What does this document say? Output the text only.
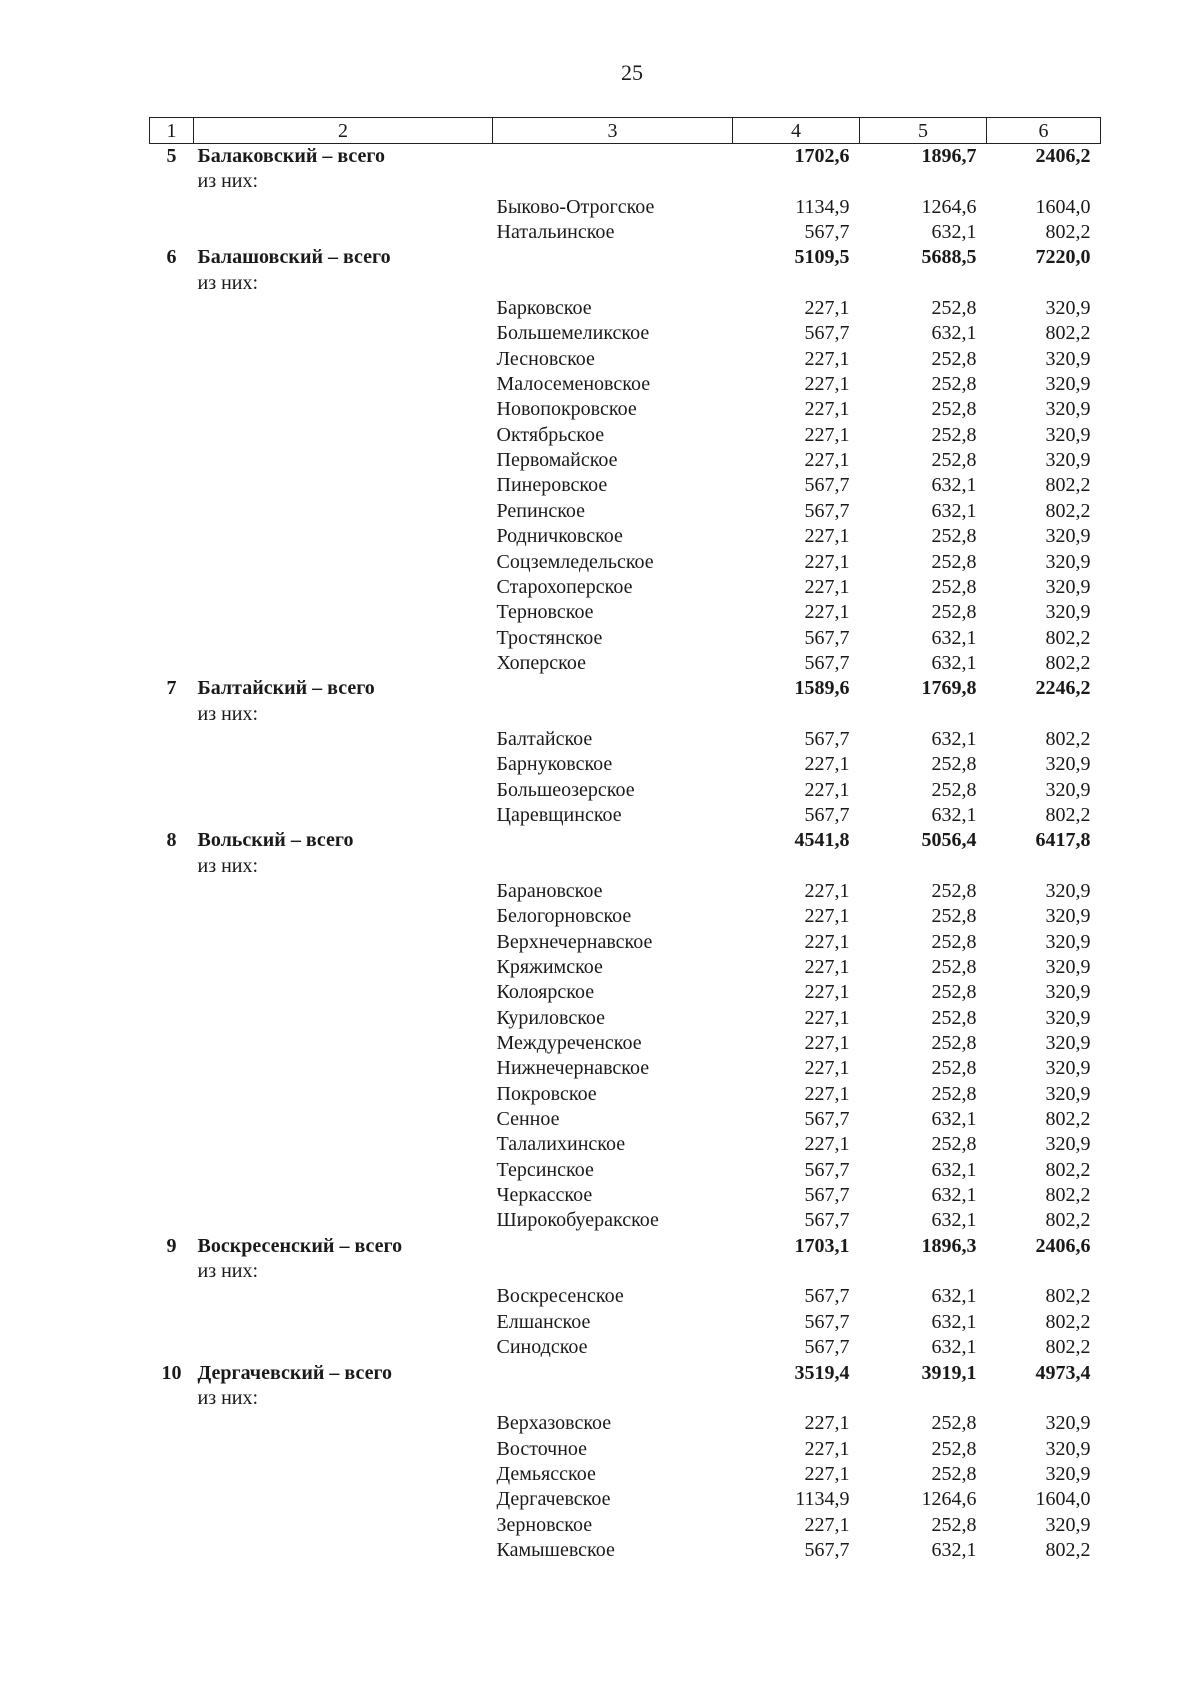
25
1	2	3	4	5	6
5	Балаковский – всего		1702,6	1896,7	2406,2
	из них:				
		Быково-Отрогское	1134,9	1264,6	1604,0
		Натальинское	567,7	632,1	802,2
6	Балашовский – всего		5109,5	5688,5	7220,0
	из них:				
		Барковское	227,1	252,8	320,9
		Большемеликское	567,7	632,1	802,2
		Лесновское	227,1	252,8	320,9
		Малосеменовское	227,1	252,8	320,9
		Новопокровское	227,1	252,8	320,9
		Октябрьское	227,1	252,8	320,9
		Первомайское	227,1	252,8	320,9
		Пинеровское	567,7	632,1	802,2
		Репинское	567,7	632,1	802,2
		Родничковское	227,1	252,8	320,9
		Соцземледельское	227,1	252,8	320,9
		Старохоперское	227,1	252,8	320,9
		Терновское	227,1	252,8	320,9
		Тростянское	567,7	632,1	802,2
		Хоперское	567,7	632,1	802,2
7	Балтайский – всего		1589,6	1769,8	2246,2
	из них:				
		Балтайское	567,7	632,1	802,2
		Барнуковское	227,1	252,8	320,9
		Большеозерское	227,1	252,8	320,9
		Царевщинское	567,7	632,1	802,2
8	Вольский – всего		4541,8	5056,4	6417,8
	из них:				
		Барановское	227,1	252,8	320,9
		Белогорновское	227,1	252,8	320,9
		Верхнечернавское	227,1	252,8	320,9
		Кряжимское	227,1	252,8	320,9
		Колоярское	227,1	252,8	320,9
		Куриловское	227,1	252,8	320,9
		Междуреченское	227,1	252,8	320,9
		Нижнечернавское	227,1	252,8	320,9
		Покровское	227,1	252,8	320,9
		Сенное	567,7	632,1	802,2
		Талалихинское	227,1	252,8	320,9
		Терсинское	567,7	632,1	802,2
		Черкасское	567,7	632,1	802,2
		Широкобуеракское	567,7	632,1	802,2
9	Воскресенский – всего		1703,1	1896,3	2406,6
	из них:				
		Воскресенское	567,7	632,1	802,2
		Елшанское	567,7	632,1	802,2
		Синодское	567,7	632,1	802,2
10	Дергачевский – всего		3519,4	3919,1	4973,4
	из них:				
		Верхазовское	227,1	252,8	320,9
		Восточное	227,1	252,8	320,9
		Демьясское	227,1	252,8	320,9
		Дергачевское	1134,9	1264,6	1604,0
		Зерновское	227,1	252,8	320,9
		Камышевское	567,7	632,1	802,2
